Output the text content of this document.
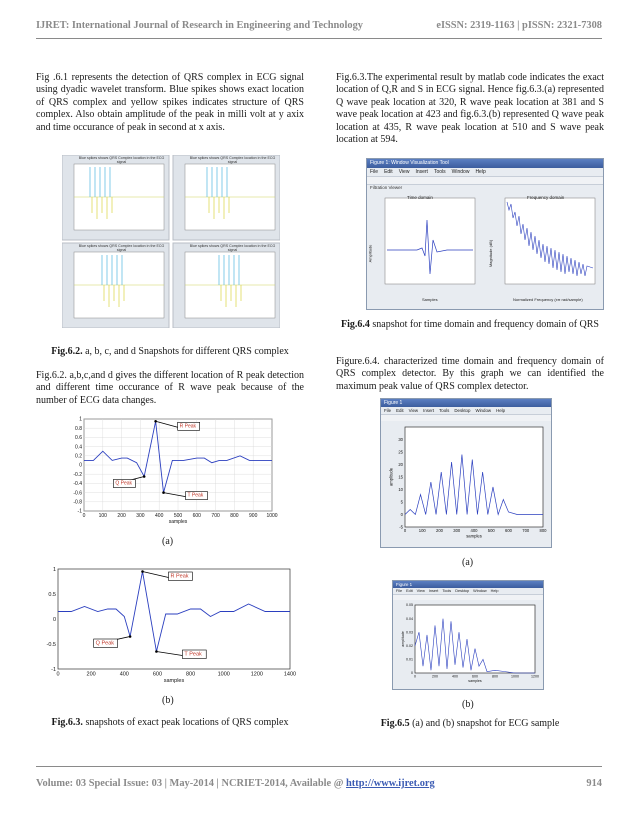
IJRET: International Journal of Research in Engineering and Technology	eISSN: 2319-1163 | pISSN: 2321-7308

Fig .6.1 represents the detection of QRS complex in ECG signal using dyadic wavelet transform. Blue spikes shows exact location of QRS complex and yellow spikes indicates structure of QRS complex. Also obtain amplitude of the peak in milli volt at y axix and time occurance of peak in second at x axis.

Blue spikes shows QRS Complex location in the ECG signal
Blue spikes shows QRS Complex location in the ECG signal
Blue spikes shows QRS Complex location in the ECG signal
Blue spikes shows QRS Complex location in the ECG signal
Fig.6.2. a, b, c, and d Snapshots for different QRS complex

Fig.6.2. a,b,c,and d gives the different location of R peak detection and different time occurance of R wave peak because of the number of ECG data changes.

0	100 200 300 400 500 600 700 800 900 1000
1
0.8
0.6
0.4
0.2
0
-0.2
-0.4
-0.6
-0.8
-1
samples
R Peak
Q Peak
T Peak
(a)
0	200	400	600	800	1000	1200	1400
1
0.5
0
-0.5
-1
samples
R Peak
Q Peak
T Peak
(b)
Fig.6.3. snapshots of exact peak locations of QRS complex

Fig.6.3.The experimental result by matlab code indicates the exact location of Q,R and S in ECG signal. Hence fig.6.3.(a) represented Q wave peak location at 320, R wave peak location at 381 and S wave peak location at 423 and fig.6.3.(b) represented Q wave peak location at 435, R wave peak location at 510 and S wave peak location at 594.

Figure 1: Window Visualization Tool
File Edit View Insert Tools Window Help
Filtration Viewer
Time domain	Frequency domain
Samples	Normalized Frequency (xπ rad/sample)
Amplitude	Magnitude (dB)
Fig.6.4 snapshot for time domain and frequency domain of QRS

Figure.6.4. characterized time domain and frequency domain of QRS complex detector. By this graph we can identified the maximum peak value of QRS complex detector.

Figure 1
File Edit View Insert Tools Desktop Window Help
0	100 200 300 400 500 600 700 800
30
25
20
15
10
5
0
-5
samples
amplitude
(a)
Figure 1
File Edit View Insert Tools Desktop Window Help
0	200	400	600	800	1000	1200
0.05
0.04
0.03
0.02
0.01
0
samples
amplitude
(b)
Fig.6.5 (a) and (b) snapshot for ECG sample
Volume: 03 Special Issue: 03 | May-2014 | NCRIET-2014, Available @ http://www.ijret.org	914
